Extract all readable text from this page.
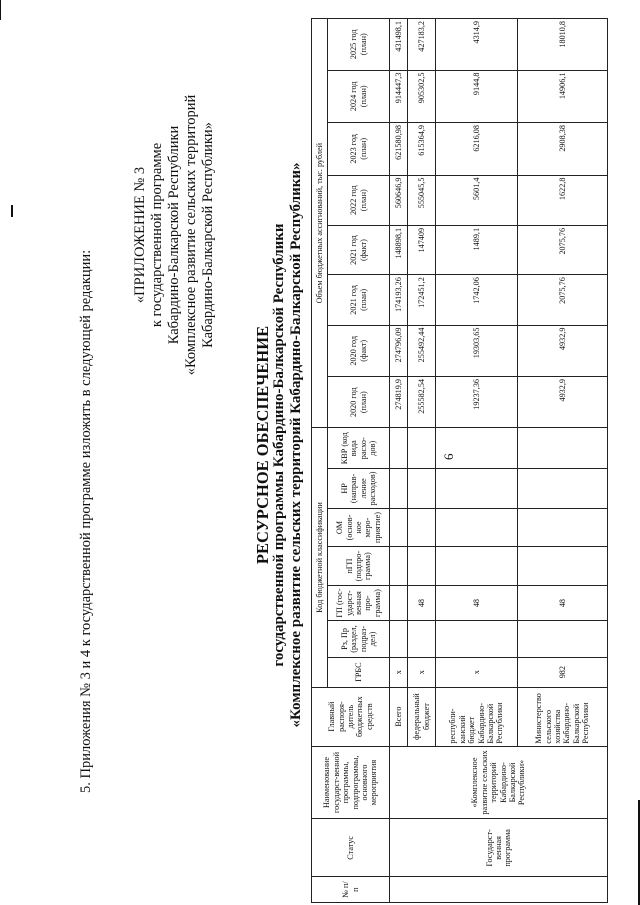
6
5. Приложения № 3 и 4 к государственной программе изложить в следующей редакции:
«ПРИЛОЖЕНИЕ № 3 к государственной программе Кабардино-Балкарской Республики «Комплексное развитие сельских территорий Кабардино-Балкарской Республики»
РЕСУРСНОЕ ОБЕСПЕЧЕНИЕ государственной программы Кабардино-Балкарской Республики «Комплексное развитие сельских территорий Кабардино-Балкарской Республики»
№ п/п	Статус	Наименование государст-венной программы, подпрограммы, основного мероприятия	Главный распоря-дитель бюджетных средств	Код бюджетной классификации							Объем бюджетных ассигнований, тыс. рублей							
				ГРБС	Рз, Пр (раздел, подраз-дел)	ГП (гос-ударст-венная про-грамма)	пГП (подпро-грамма)	ОМ (основ-ное меро-приятие)	НР (направ-ление расходов)	КВР (код вида расхо-дов)	2020 год (план)	2020 год (факт)	2021 год (план)	2021 год (факт)	2022 год (план)	2023 год (план)	2024 год (план)	2025 год (план)
	Государст-венная программа	«Комплексное развитие сельских территорий Кабардино-Балкарской Республики»	Всего	х							274819,9	274796,09	174193,26	148898,1	560646,9	621580,98	914447,3	431498,1
			федеральный бюджет	х		48					255582,54	255492,44	172451,2	147409	555045,5	615364,9	905302,5	427183,2
			республи-канский бюджет Кабардино-Балкарской Республики	х		48					19237,36	19303,65	1742,06	1489,1	5601,4	6216,08	9144,8	4314,9
			Министерство сельского хозяйства Кабардино-Балкарской Республики	982		48					4932,9	4932,9	2075,76	2075,76	1622,8	2908,38	14906,1	18010,8
